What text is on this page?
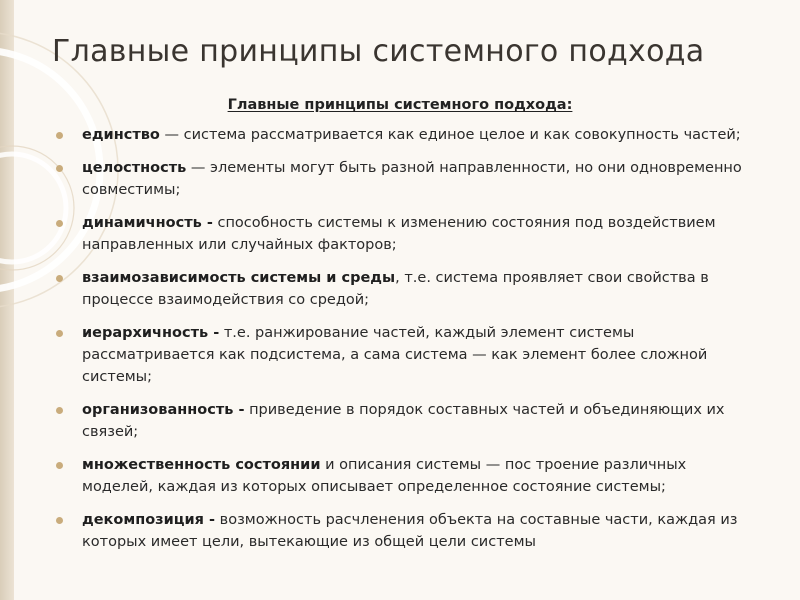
Главные принципы системного подхода
Главные принципы системного подхода:
единство — система рассматривается как единое целое и как совокупность частей;
целостность — элементы могут быть разной направленности, но они одновременно совместимы;
динамичность - способность системы к изменению состояния под воздействием направленных или случайных факторов;
взаимозависимость системы и среды, т.е. система проявляет свои свойства в процессе взаимодействия со средой;
иерархичность - т.е. ранжирование частей, каждый элемент системы рассматривается как подсистема, а сама система — как элемент более сложной системы;
организованность - приведение в порядок составных частей и объединяющих их связей;
множественность состоянии и описания системы — пос троение различных моделей, каждая из которых описывает определенное состояние системы;
декомпозиция - возможность расчленения объекта на составные части, каждая из которых имеет цели, вытекающие из общей цели системы
